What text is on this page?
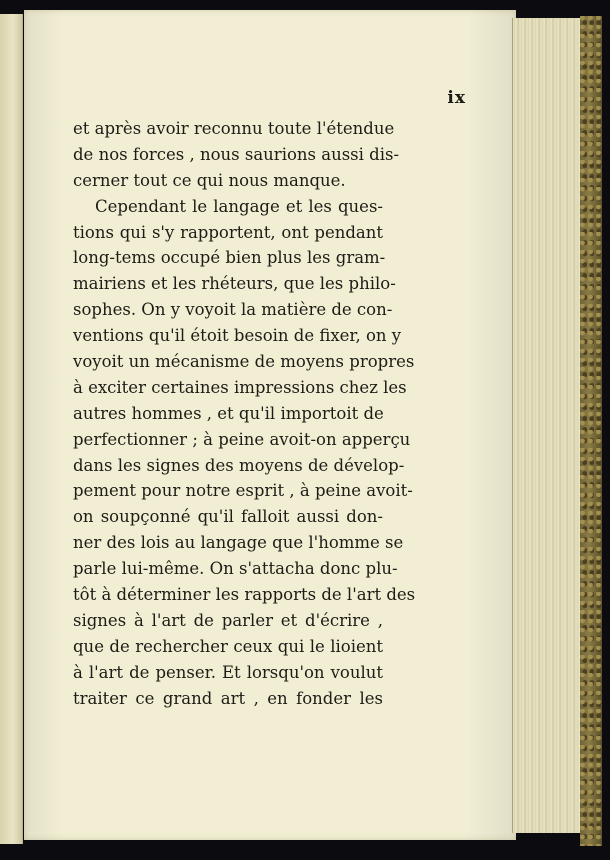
ix
et après avoir reconnu toute l'étendue
de nos forces , nous saurions aussi dis-
cerner tout ce qui nous manque.
Cependant le langage et les ques-
tions qui s'y rapportent, ont pendant
long-tems occupé bien plus les gram-
mairiens et les rhéteurs, que les philo-
sophes. On y voyoit la matière de con-
ventions qu'il étoit besoin de fixer, on y
voyoit un mécanisme de moyens propres
à exciter certaines impressions chez les
autres hommes , et qu'il importoit de
perfectionner ; à peine avoit-on apperçu
dans les signes des moyens de dévelop-
pement pour notre esprit , à peine avoit-
on soupçonné qu'il falloit aussi don-
ner des lois au langage que l'homme se
parle lui-même. On s'attacha donc plu-
tôt à déterminer les rapports de l'art des
signes à l'art de parler et d'écrire ,
que de rechercher ceux qui le lioient
à l'art de penser. Et lorsqu'on voulut
traiter ce grand art , en fonder les
